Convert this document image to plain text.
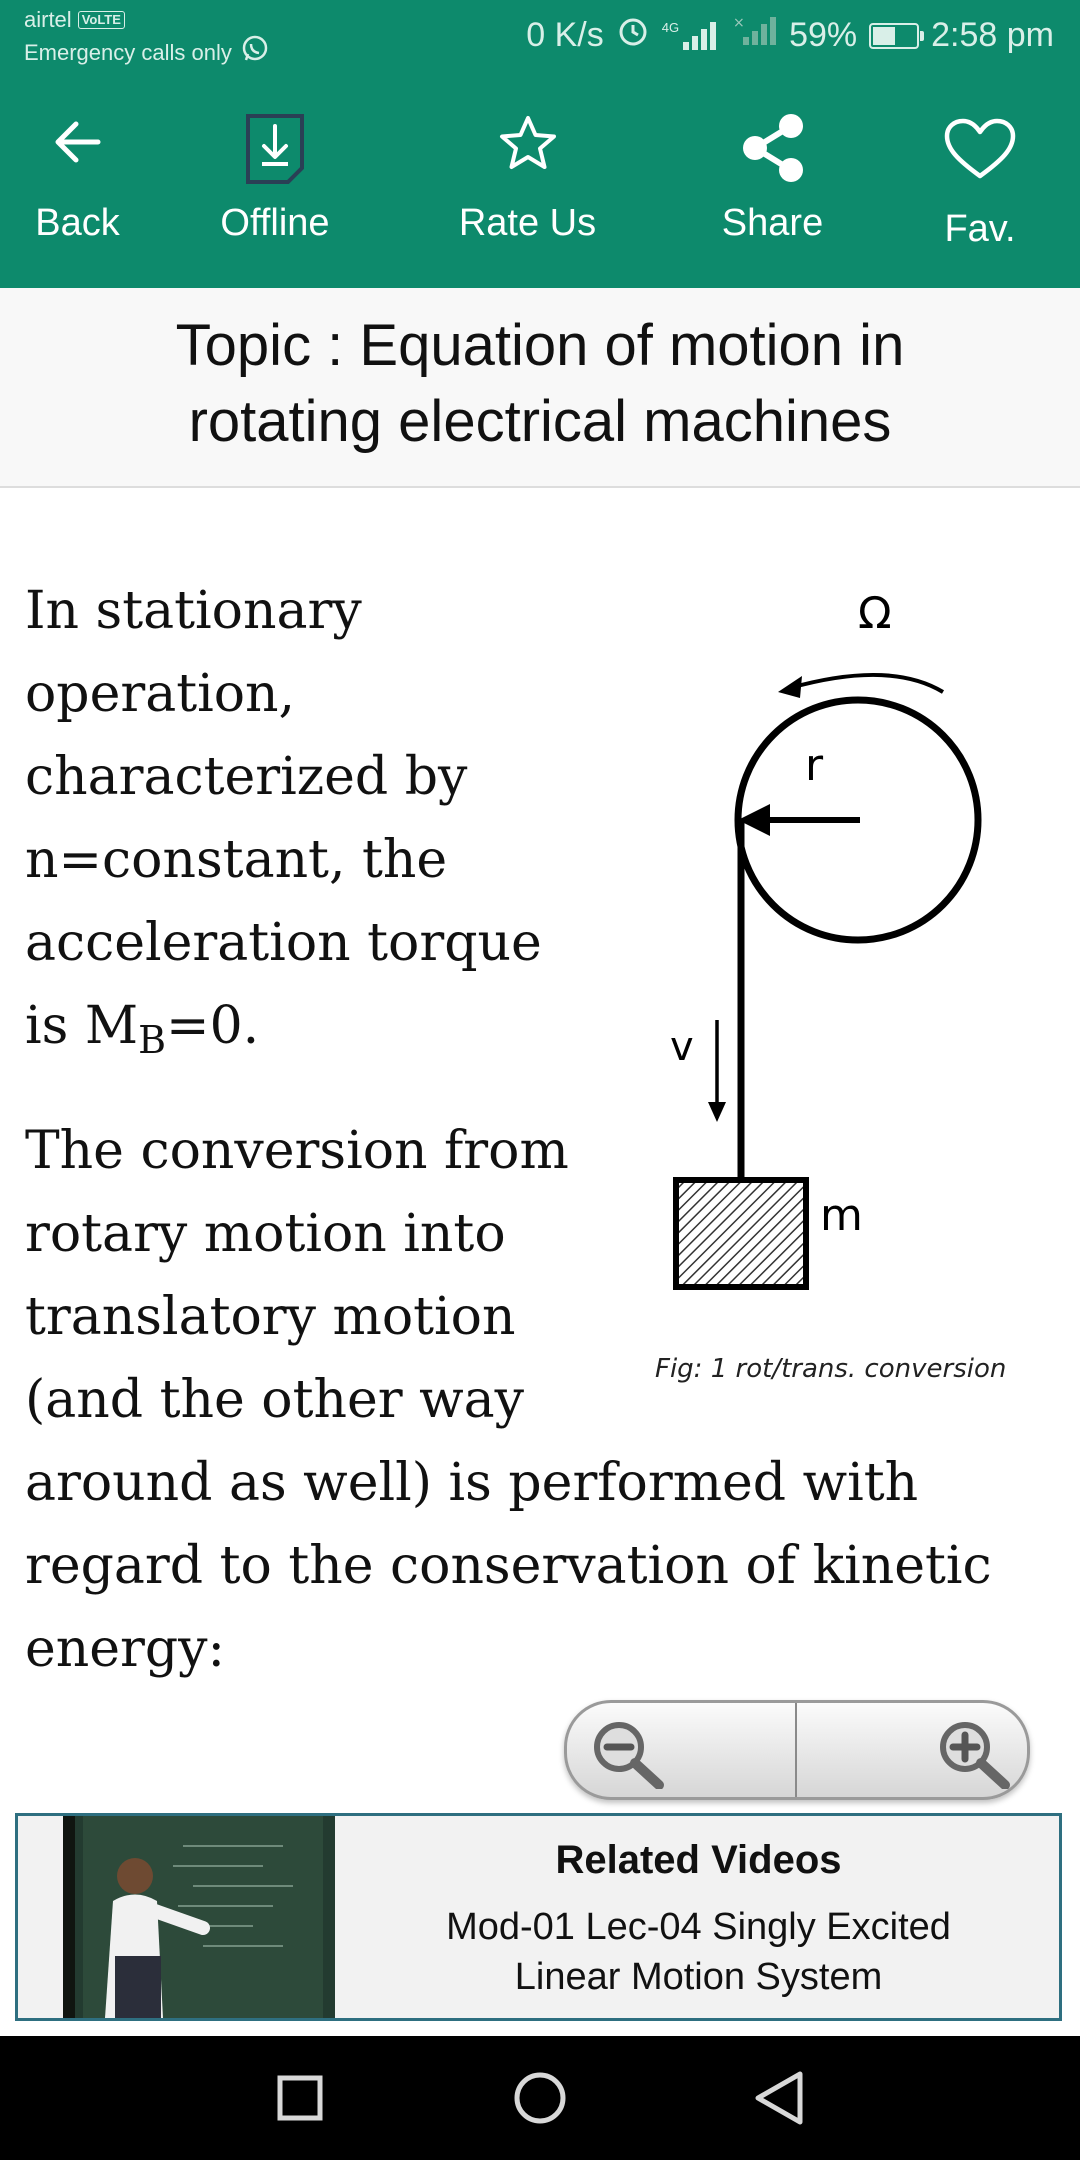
airtel VoLTE
Emergency calls only	0 K/s	4G	× 59% 2:58 pm
Back	Offline	Rate Us	Share	Fav.
Topic : Equation of motion in
rotating electrical machines
In stationary
operation,
characterized by
n=constant, the
acceleration torque
is $M_B=0$.
The conversion from
rotary motion into
translatory motion
(and the other way
around as well) is performed with
regard to the conservation of kinetic
energy:
Ω
r
v
m
Fig: 1 rot/trans. conversion
Related Videos
Mod-01 Lec-04 Singly Excited
Linear Motion System
